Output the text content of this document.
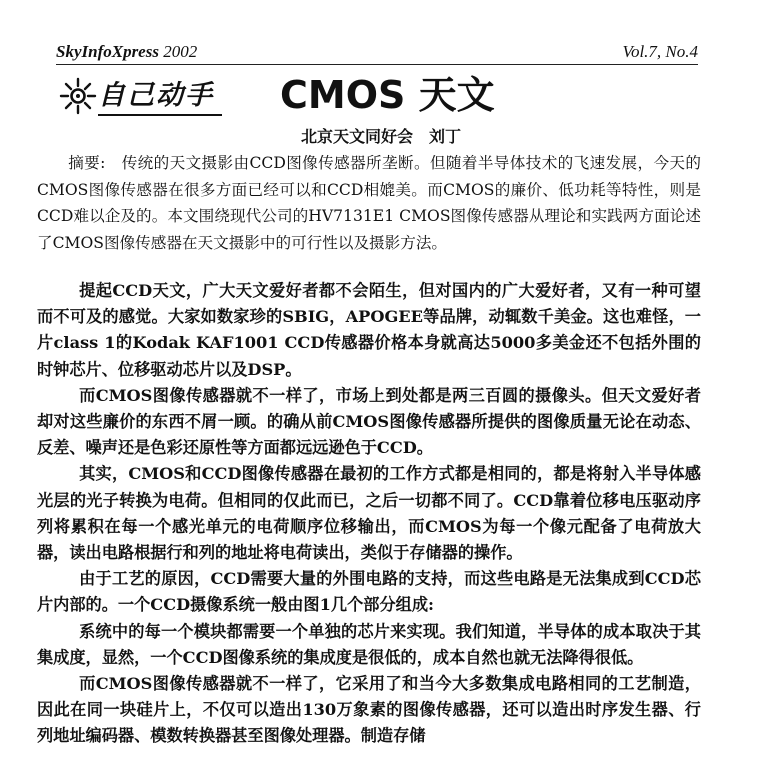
SkyInfoXpress 2002	Vol.7, No.4
自己动手 CMOS 天文
北京天文同好会　刘丁

摘要:　传统的天文摄影由CCD图像传感器所垄断。但随着半导体技术的飞速发展，今天的CMOS图像传感器在很多方面已经可以和CCD相媲美。而CMOS的廉价、低功耗等特性，则是CCD难以企及的。本文围绕现代公司的HV7131E1 CMOS图像传感器从理论和实践两方面论述了CMOS图像传感器在天文摄影中的可行性以及摄影方法。

提起CCD天文，广大天文爱好者都不会陌生，但对国内的广大爱好者，又有一种可望而不可及的感觉。大家如数家珍的SBIG，APOGEE等品牌，动辄数千美金。这也难怪，一片class 1的Kodak KAF1001 CCD传感器价格本身就高达5000多美金还不包括外围的时钟芯片、位移驱动芯片以及DSP。

而CMOS图像传感器就不一样了，市场上到处都是两三百圆的摄像头。但天文爱好者却对这些廉价的东西不屑一顾。的确从前CMOS图像传感器所提供的图像质量无论在动态、反差、噪声还是色彩还原性等方面都远远逊色于CCD。

其实，CMOS和CCD图像传感器在最初的工作方式都是相同的，都是将射入半导体感光层的光子转换为电荷。但相同的仅此而已，之后一切都不同了。CCD靠着位移电压驱动序列将累积在每一个感光单元的电荷顺序位移输出，而CMOS为每一个像元配备了电荷放大器，读出电路根据行和列的地址将电荷读出，类似于存储器的操作。

由于工艺的原因，CCD需要大量的外围电路的支持，而这些电路是无法集成到CCD芯片内部的。一个CCD摄像系统一般由图1几个部分组成:

系统中的每一个模块都需要一个单独的芯片来实现。我们知道，半导体的成本取决于其集成度，显然，一个CCD图像系统的集成度是很低的，成本自然也就无法降得很低。

而CMOS图像传感器就不一样了，它采用了和当今大多数集成电路相同的工艺制造，因此在同一块硅片上，不仅可以造出130万象素的图像传感器，还可以造出时序发生器、行列地址编码器、模数转换器甚至图像处理器。制造存储
